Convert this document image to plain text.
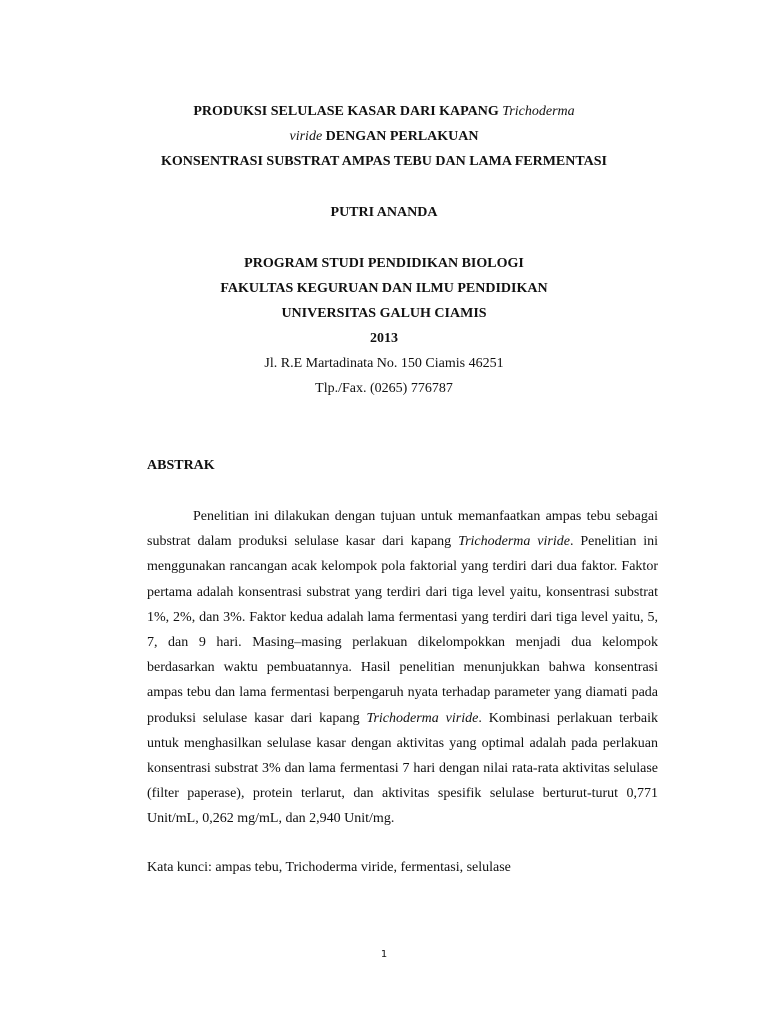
PRODUKSI SELULASE KASAR DARI KAPANG Trichoderma
viride DENGAN PERLAKUAN
KONSENTRASI SUBSTRAT AMPAS TEBU DAN LAMA FERMENTASI
PUTRI ANANDA
PROGRAM STUDI PENDIDIKAN BIOLOGI
FAKULTAS KEGURUAN DAN ILMU PENDIDIKAN
UNIVERSITAS GALUH CIAMIS
2013
Jl. R.E Martadinata No. 150 Ciamis 46251
Tlp./Fax. (0265) 776787
ABSTRAK

Penelitian ini dilakukan dengan tujuan untuk memanfaatkan ampas tebu sebagai substrat dalam produksi selulase kasar dari kapang Trichoderma viride. Penelitian ini menggunakan rancangan acak kelompok pola faktorial yang terdiri dari dua faktor. Faktor pertama adalah konsentrasi substrat yang terdiri dari tiga level yaitu, konsentrasi substrat 1%, 2%, dan 3%. Faktor kedua adalah lama fermentasi yang terdiri dari tiga level yaitu, 5, 7, dan 9 hari. Masing–masing perlakuan dikelompokkan menjadi dua kelompok berdasarkan waktu pembuatannya. Hasil penelitian menunjukkan bahwa konsentrasi ampas tebu dan lama fermentasi berpengaruh nyata terhadap parameter yang diamati pada produksi selulase kasar dari kapang Trichoderma viride. Kombinasi perlakuan terbaik untuk menghasilkan selulase kasar dengan aktivitas yang optimal adalah pada perlakuan konsentrasi substrat 3% dan lama fermentasi 7 hari dengan nilai rata-rata aktivitas selulase (filter paperase), protein terlarut, dan aktivitas spesifik selulase berturut-turut 0,771 Unit/mL, 0,262 mg/mL, dan 2,940 Unit/mg.

Kata kunci: ampas tebu, Trichoderma viride, fermentasi, selulase
1
